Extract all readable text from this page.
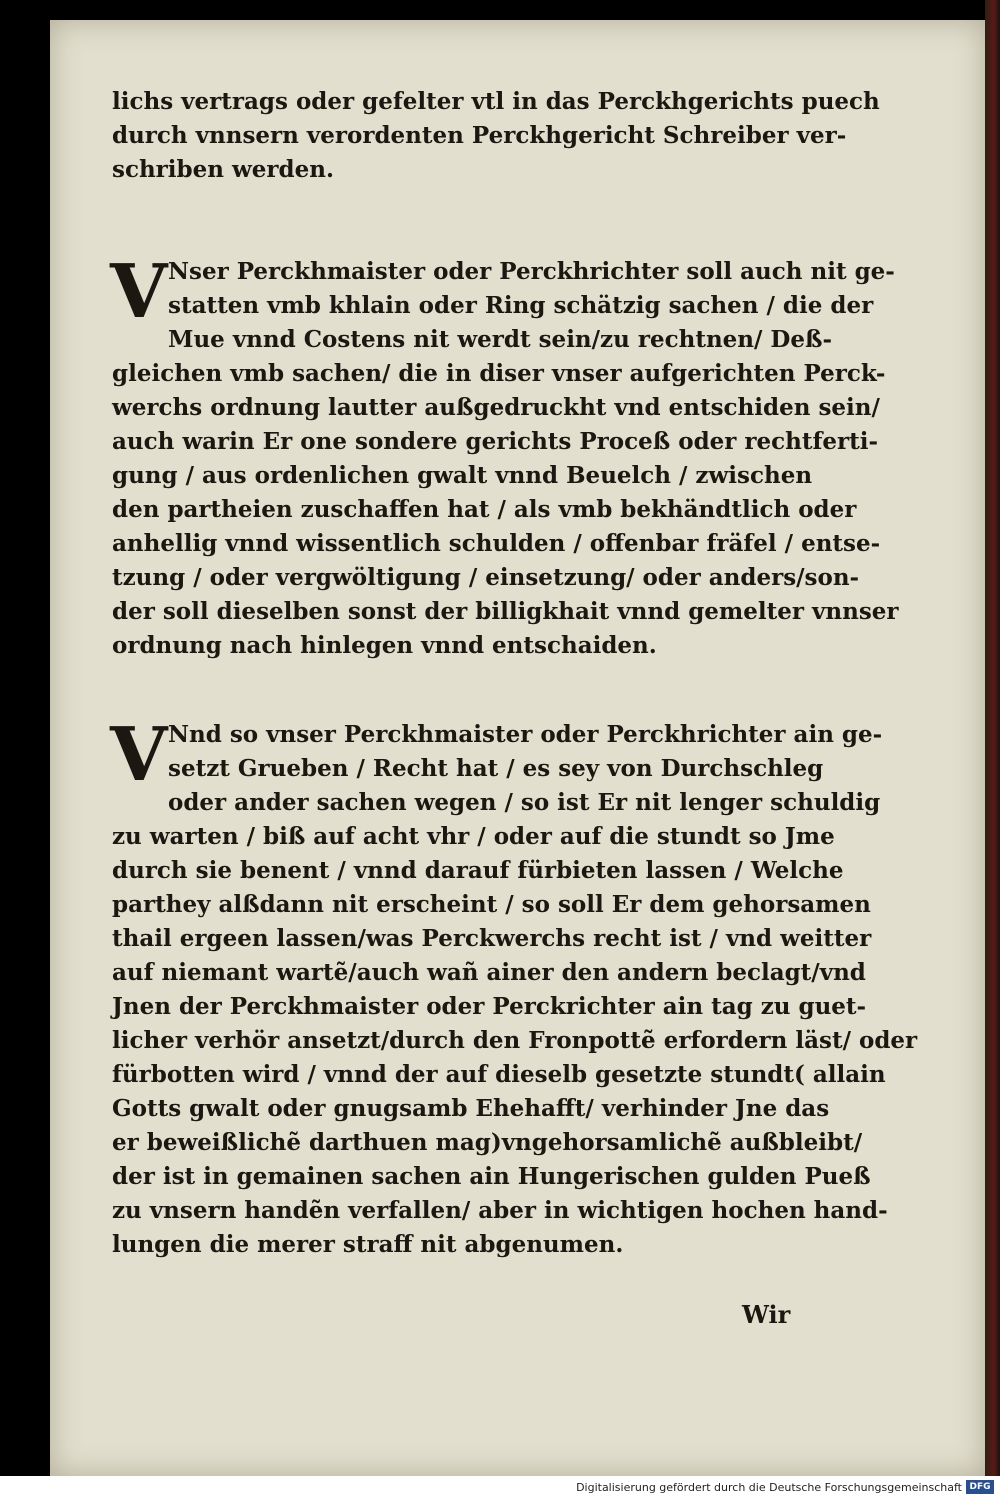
lichs vertrags oder gefelter vtl in das Perckhgerichts puech
durch vnnsern verordenten Perckhgericht Schreiber ver-
schriben werden.
V Nser Perckhmaister oder Perckhrichter soll auch nit ge-
statten vmb khlain oder Ring schätzig sachen / die der
Mue vnnd Costens nit werdt sein/zu rechtnen/ Deß-
gleichen vmb sachen/ die in diser vnser aufgerichten Perck-
werchs ordnung lautter außgedruckht vnd entschiden sein/
auch warin Er one sondere gerichts Proceß oder rechtferti-
gung / aus ordenlichen gwalt vnnd Beuelch / zwischen
den partheien zuschaffen hat / als vmb bekhändtlich oder
anhellig vnnd wissentlich schulden / offenbar fräfel / entse-
tzung / oder vergwöltigung / einsetzung/ oder anders/son-
der soll dieselben sonst der billigkhait vnnd gemelter vnnser
ordnung nach hinlegen vnnd entschaiden.
V Nnd so vnser Perckhmaister oder Perckhrichter ain ge-
setzt Grueben / Recht hat / es sey von Durchschleg
oder ander sachen wegen / so ist Er nit lenger schuldig
zu warten / biß auf acht vhr / oder auf die stundt so Jme
durch sie benent / vnnd darauf fürbieten lassen / Welche
parthey alßdann nit erscheint / so soll Er dem gehorsamen
thail ergeen lassen/was Perckwerchs recht ist / vnd weitter
auf niemant wartẽ/auch wañ ainer den andern beclagt/vnd
Jnen der Perckhmaister oder Perckrichter ain tag zu guet-
licher verhör ansetzt/durch den Fronpottẽ erfordern läst/ oder
fürbotten wird / vnnd der auf dieselb gesetzte stundt( allain
Gotts gwalt oder gnugsamb Ehehafft/ verhinder Jne das
er beweißlichẽ darthuen mag)vngehorsamlichẽ außbleibt/
der ist in gemainen sachen ain Hungerischen gulden Pueß
zu vnsern handẽn verfallen/ aber in wichtigen hochen hand-
lungen die merer straff nit abgenumen.
Wir
Digitalisierung gefördert durch die Deutsche Forschungsgemeinschaft DFG
